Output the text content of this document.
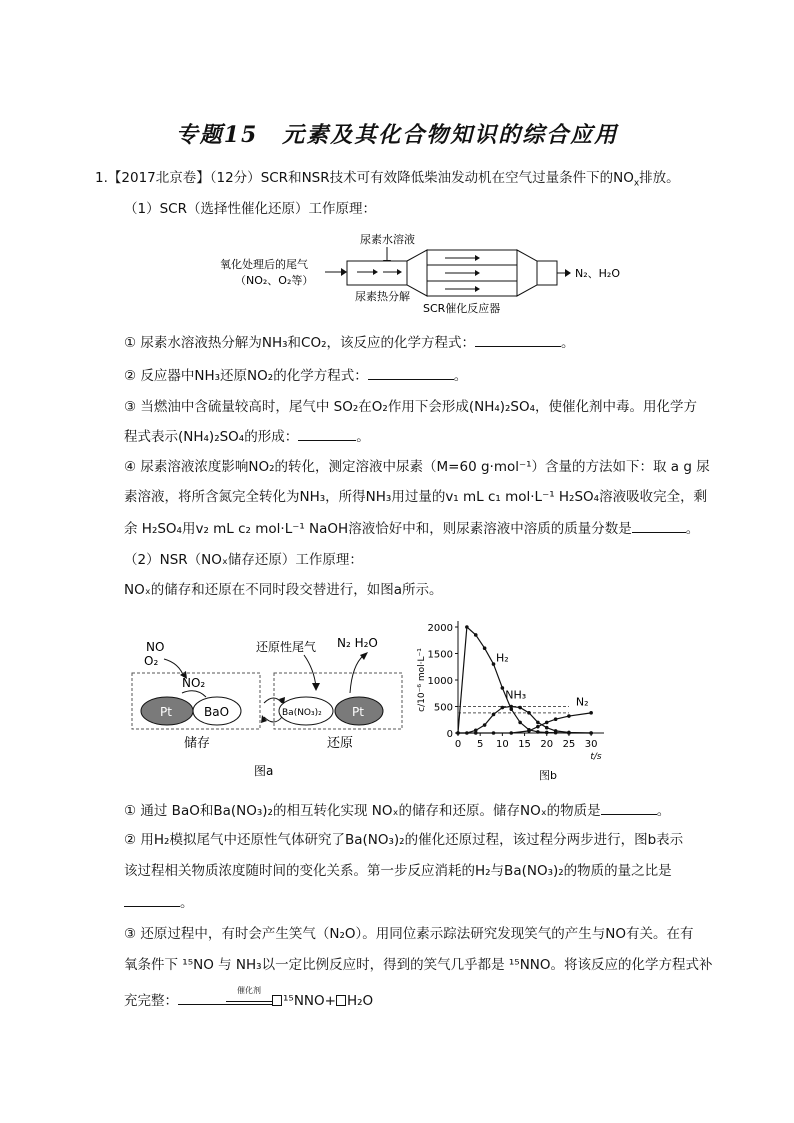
专题15　元素及其化合物知识的综合应用
1.【2017北京卷】（12分）SCR和NSR技术可有效降低柴油发动机在空气过量条件下的$NO_x$排放。
（1）SCR（选择性催化还原）工作原理：
尿素水溶液
氧化处理后的尾气
（NO₂、O₂等）
N₂、H₂O
尿素热分解
SCR催化反应器
① 尿素水溶液热分解为NH₃和CO₂，该反应的化学方程式：	。
② 反应器中NH₃还原NO₂的化学方程式：	。
③ 当燃油中含硫量较高时，尾气中 SO₂在O₂作用下会形成(NH₄)₂SO₄，使催化剂中毒。用化学方
程式表示(NH₄)₂SO₄的形成：	。
④ 尿素溶液浓度影响NO₂的转化，测定溶液中尿素（M=60 g·mol⁻¹）含量的方法如下：取 a g 尿
素溶液，将所含氮完全转化为NH₃，所得NH₃用过量的v₁ mL c₁ mol·L⁻¹ H₂SO₄溶液吸收完全，剩
余 H₂SO₄用v₂ mL c₂ mol·L⁻¹ NaOH溶液恰好中和，则尿素溶液中溶质的质量分数是	。
（2）NSR（NOₓ储存还原）工作原理：
NOₓ的储存和还原在不同时段交替进行，如图a所示。
NO
O₂
NO₂
Pt	BaO
储存
还原性尾气 N₂ H₂O
Ba(NO₃)₂	Pt
还原
图a
0
500
1000
1500
2000
0 5 10 15 20 25 30
t/s
c/10⁻⁶ mol·L⁻¹	H₂
NH₃
N₂
图b
① 通过 BaO和Ba(NO₃)₂的相互转化实现 NOₓ的储存和还原。储存NOₓ的物质是	。
② 用H₂模拟尾气中还原性气体研究了Ba(NO₃)₂的催化还原过程，该过程分两步进行，图b表示
该过程相关物质浓度随时间的变化关系。第一步反应消耗的H₂与Ba(NO₃)₂的物质的量之比是
。
③ 还原过程中，有时会产生笑气（N₂O）。用同位素示踪法研究发现笑气的产生与NO有关。在有
氧条件下 ¹⁵NO 与 NH₃以一定比例反应时，得到的笑气几乎都是 ¹⁵NNO。将该反应的化学方程式补
充完整：
催化剂
¹⁵NNO+ H₂O
